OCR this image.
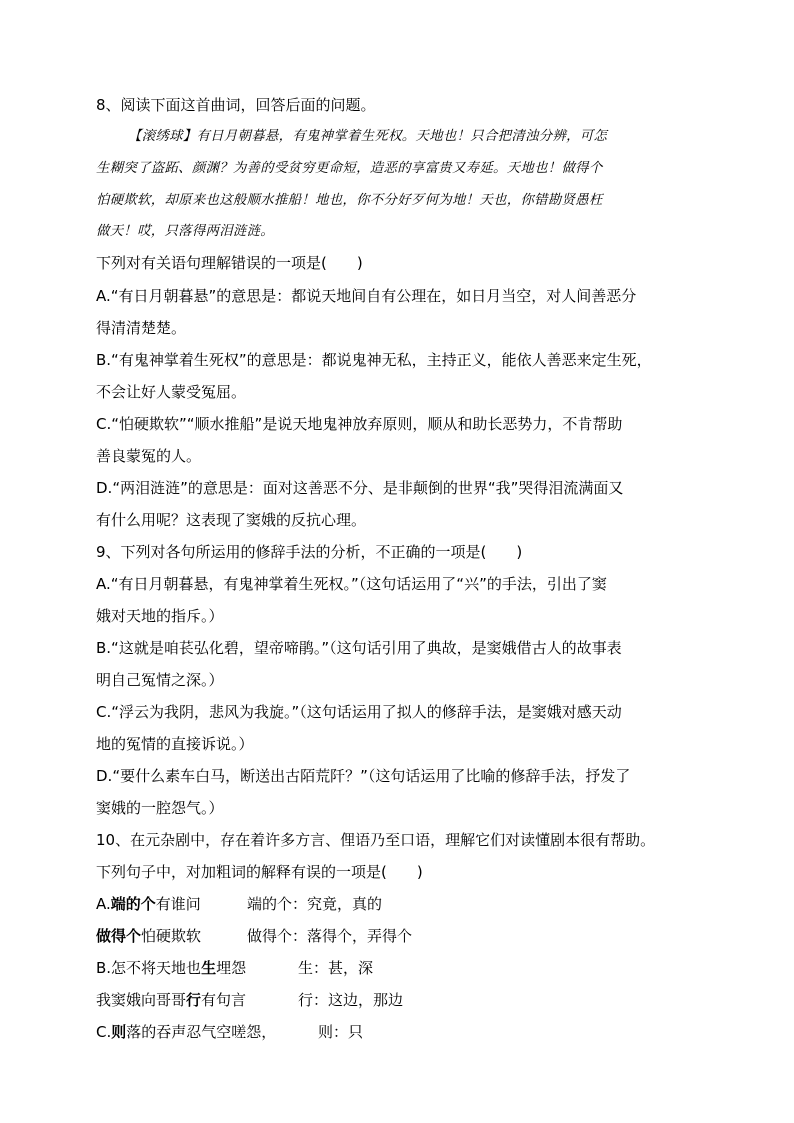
8、阅读下面这首曲词，回答后面的问题。
【滚绣球】有日月朝暮悬，有鬼神掌着生死权。天地也！只合把清浊分辨，可怎
生糊突了盗跖、颜渊？为善的受贫穷更命短，造恶的享富贵又寿延。天地也！做得个
怕硬欺软，却原来也这般顺水推船！地也，你不分好歹何为地！天也，你错勘贤愚枉
做天！哎，只落得两泪涟涟。
下列对有关语句理解错误的一项是(　　)
A.“有日月朝暮悬”的意思是：都说天地间自有公理在，如日月当空，对人间善恶分
得清清楚楚。
B.“有鬼神掌着生死权”的意思是：都说鬼神无私，主持正义，能依人善恶来定生死，
不会让好人蒙受冤屈。
C.“怕硬欺软”“顺水推船”是说天地鬼神放弃原则，顺从和助长恶势力，不肯帮助
善良蒙冤的人。
D.“两泪涟涟”的意思是：面对这善恶不分、是非颠倒的世界“我”哭得泪流满面又
有什么用呢？这表现了窦娥的反抗心理。
9、下列对各句所运用的修辞手法的分析，不正确的一项是(　　)
A.“有日月朝暮悬，有鬼神掌着生死权。”（这句话运用了“兴”的手法，引出了窦
娥对天地的指斥。）
B.“这就是咱苌弘化碧，望帝啼鹃。”（这句话引用了典故，是窦娥借古人的故事表
明自己冤情之深。）
C.“浮云为我阴，悲风为我旋。”（这句话运用了拟人的修辞手法，是窦娥对感天动
地的冤情的直接诉说。）
D.“要什么素车白马，断送出古陌荒阡？”（这句话运用了比喻的修辞手法，抒发了
窦娥的一腔怨气。）
10、在元杂剧中，存在着许多方言、俚语乃至口语，理解它们对读懂剧本很有帮助。
下列句子中，对加粗词的解释有误的一项是(　　)
A.端的个有谁问	端的个：究竟，真的
做得个怕硬欺软	做得个：落得个，弄得个
B.怎不将天地也生埋怨	生：甚，深
我窦娥向哥哥行有句言	行：这边，那边
C.则落的吞声忍气空嗟怨，	则：只
